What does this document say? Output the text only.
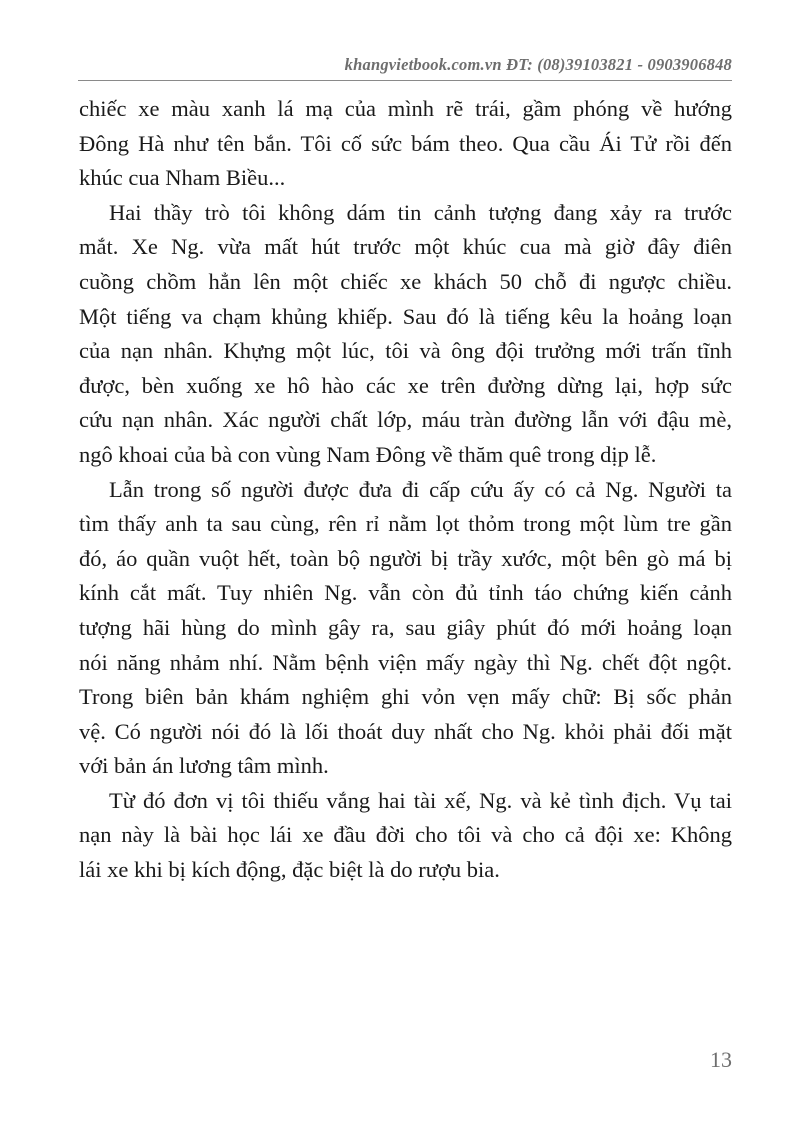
khangvietbook.com.vn ĐT: (08)39103821 - 0903906848
chiếc xe màu xanh lá mạ của mình rẽ trái, gầm phóng về hướng
Đông Hà như tên bắn. Tôi cố sức bám theo. Qua cầu Ái Tử rồi đến
khúc cua Nham Biều...
Hai thầy trò tôi không dám tin cảnh tượng đang xảy ra trước
mắt. Xe Ng. vừa mất hút trước một khúc cua mà giờ đây điên
cuồng chồm hẳn lên một chiếc xe khách 50 chỗ đi ngược chiều.
Một tiếng va chạm khủng khiếp. Sau đó là tiếng kêu la hoảng loạn
của nạn nhân. Khựng một lúc, tôi và ông đội trưởng mới trấn tĩnh
được, bèn xuống xe hô hào các xe trên đường dừng lại, hợp sức
cứu nạn nhân. Xác người chất lớp, máu tràn đường lẫn với đậu mè,
ngô khoai của bà con vùng Nam Đông về thăm quê trong dịp lễ.
Lẫn trong số người được đưa đi cấp cứu ấy có cả Ng. Người ta
tìm thấy anh ta sau cùng, rên rỉ nằm lọt thỏm trong một lùm tre gần
đó, áo quần vuột hết, toàn bộ người bị trầy xước, một bên gò má bị
kính cắt mất. Tuy nhiên Ng. vẫn còn đủ tỉnh táo chứng kiến cảnh
tượng hãi hùng do mình gây ra, sau giây phút đó mới hoảng loạn
nói năng nhảm nhí. Nằm bệnh viện mấy ngày thì Ng. chết đột ngột.
Trong biên bản khám nghiệm ghi vỏn vẹn mấy chữ: Bị sốc phản
vệ. Có người nói đó là lối thoát duy nhất cho Ng. khỏi phải đối mặt
với bản án lương tâm mình.
Từ đó đơn vị tôi thiếu vắng hai tài xế, Ng. và kẻ tình địch. Vụ tai
nạn này là bài học lái xe đầu đời cho tôi và cho cả đội xe: Không
lái xe khi bị kích động, đặc biệt là do rượu bia.
13
